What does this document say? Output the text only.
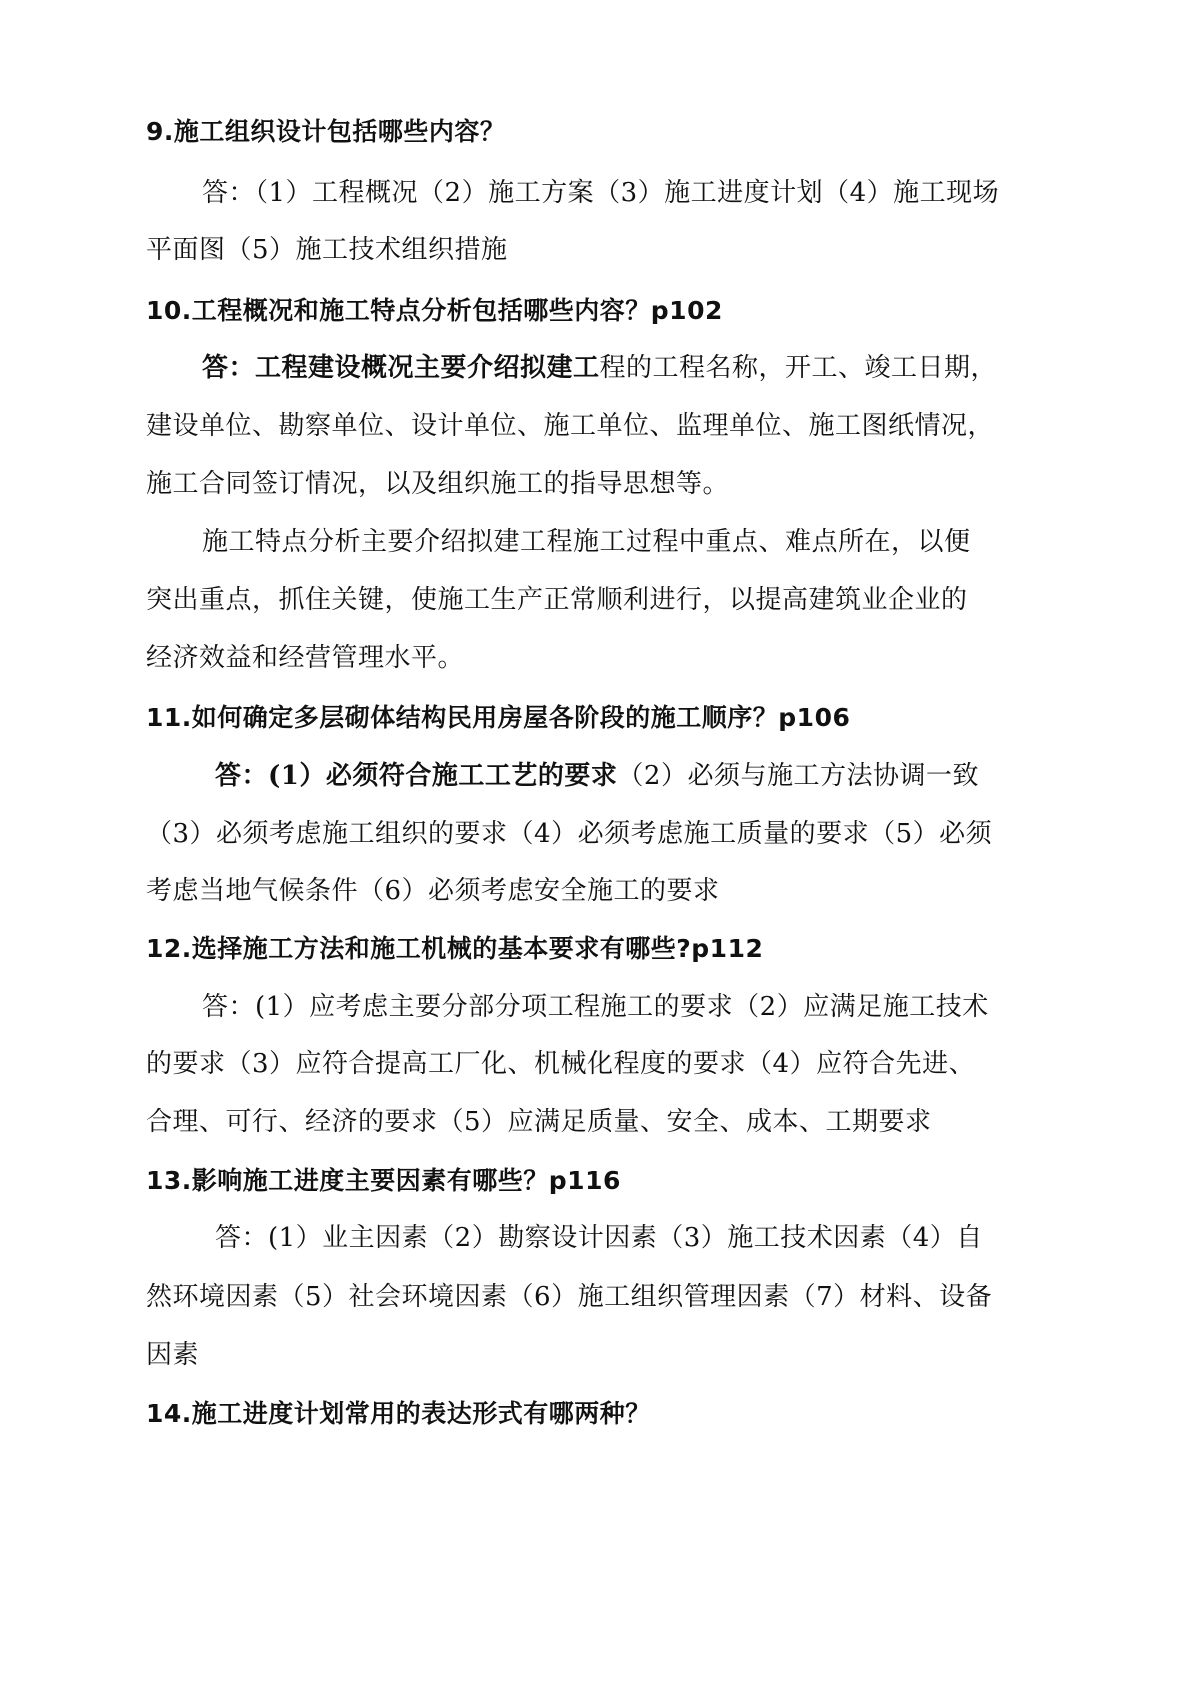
9.施工组织设计包括哪些内容？
答：（1）工程概况（2）施工方案（3）施工进度计划（4）施工现场
平面图（5）施工技术组织措施
10.工程概况和施工特点分析包括哪些内容？p102
答：工程建设概况主要介绍拟建工程的工程名称，开工、竣工日期，
建设单位、勘察单位、设计单位、施工单位、监理单位、施工图纸情况，
施工合同签订情况，以及组织施工的指导思想等。
施工特点分析主要介绍拟建工程施工过程中重点、难点所在，以便
突出重点，抓住关键，使施工生产正常顺利进行，以提高建筑业企业的
经济效益和经营管理水平。
11.如何确定多层砌体结构民用房屋各阶段的施工顺序？p106
答：(1）必须符合施工工艺的要求（2）必须与施工方法协调一致
（3）必须考虑施工组织的要求（4）必须考虑施工质量的要求（5）必须
考虑当地气候条件（6）必须考虑安全施工的要求
12.选择施工方法和施工机械的基本要求有哪些?p112
答：(1）应考虑主要分部分项工程施工的要求（2）应满足施工技术
的要求（3）应符合提高工厂化、机械化程度的要求（4）应符合先进、
合理、可行、经济的要求（5）应满足质量、安全、成本、工期要求
13.影响施工进度主要因素有哪些？p116
答：(1）业主因素（2）勘察设计因素（3）施工技术因素（4）自
然环境因素（5）社会环境因素（6）施工组织管理因素（7）材料、设备
因素
14.施工进度计划常用的表达形式有哪两种？
